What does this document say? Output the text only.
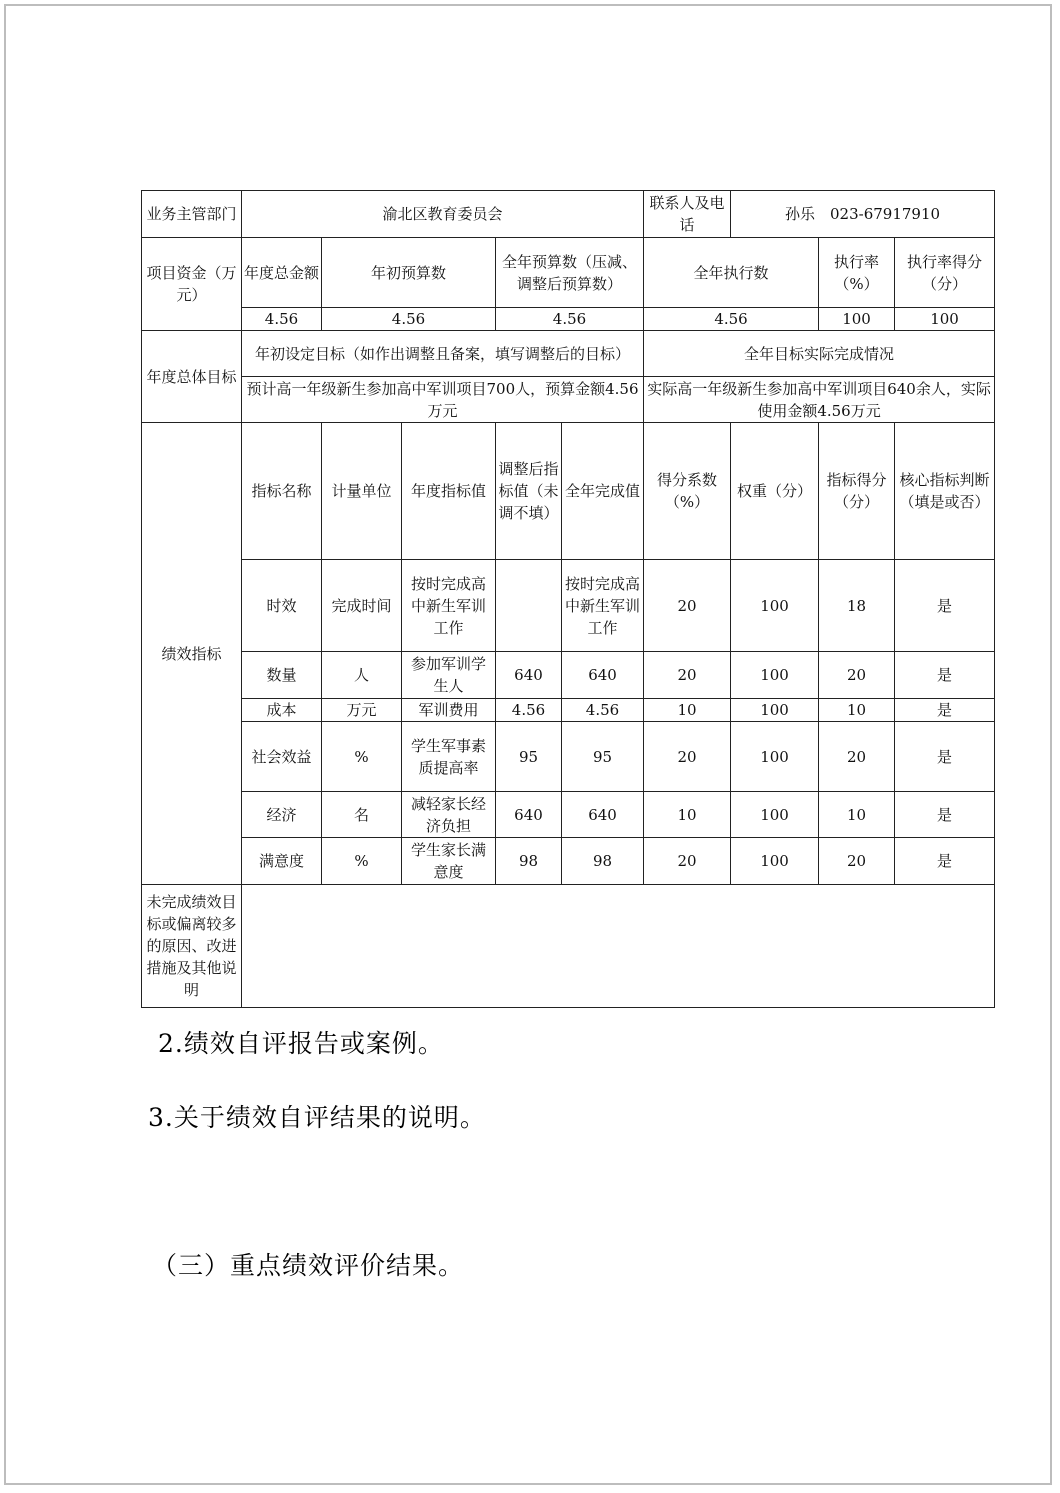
业务主管部门	渝北区教育委员会					联系人及电话	孙乐　023-67917910		
项目资金（万元）	年度总金额	年初预算数		全年预算数（压减、调整后预算数）		全年执行数		执行率（%）	执行率得分（分）
	4.56	4.56		4.56		4.56		100	100
年度总体目标	年初设定目标（如作出调整且备案，填写调整后的目标）					全年目标实际完成情况			
	预计高一年级新生参加高中军训项目700人，预算金额4.56万元					实际高一年级新生参加高中军训项目640余人，实际使用金额4.56万元			
绩效指标	指标名称	计量单位	年度指标值	调整后指标值（未调不填）	全年完成值	得分系数（%）	权重（分）	指标得分（分）	核心指标判断（填是或否）
	时效	完成时间	按时完成高中新生军训工作		按时完成高中新生军训工作	20	100	18	是
	数量	人	参加军训学生人	640	640	20	100	20	是
	成本	万元	军训费用	4.56	4.56	10	100	10	是
	社会效益	%	学生军事素质提高率	95	95	20	100	20	是
	经济	名	减轻家长经济负担	640	640	10	100	10	是
	满意度	%	学生家长满意度	98	98	20	100	20	是
未完成绩效目标或偏离较多的原因、改进措施及其他说明									
2.绩效自评报告或案例。
3.关于绩效自评结果的说明。
（三）重点绩效评价结果。
